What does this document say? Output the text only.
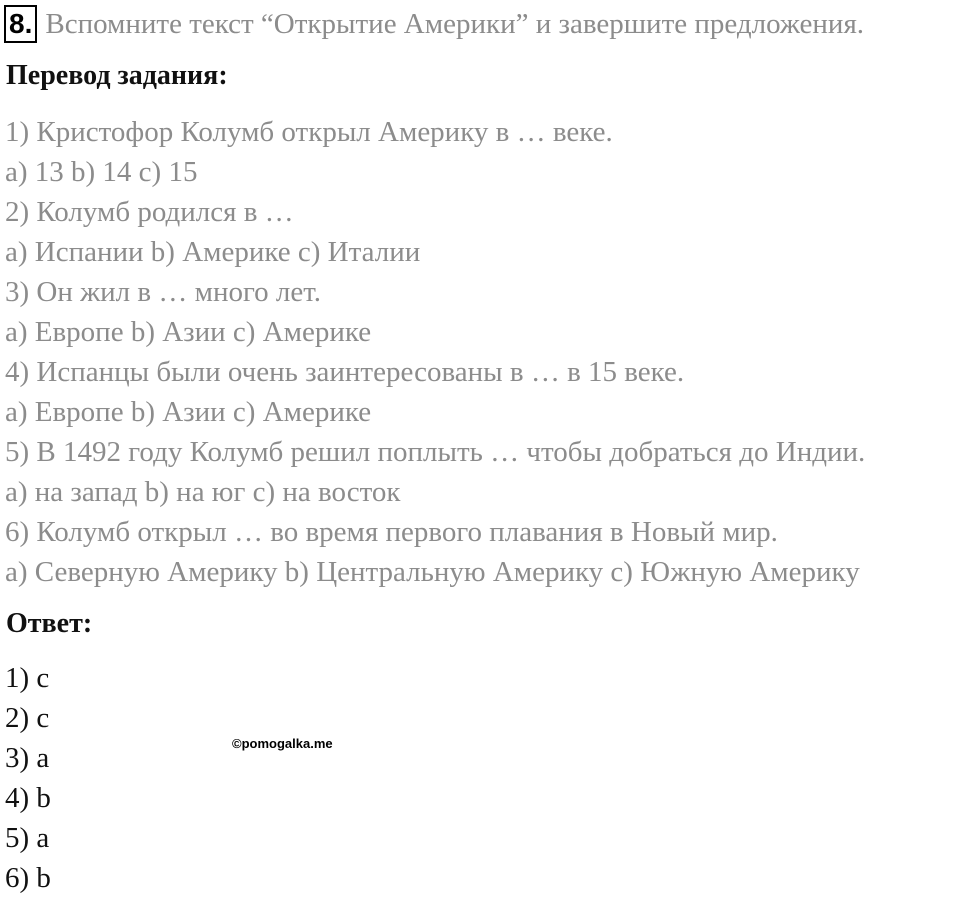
8. Вспомните текст “Открытие Америки” и завершите предложения.
Перевод задания:
1) Кристофор Колумб открыл Америку в … веке.
a) 13 b) 14 c) 15
2) Колумб родился в …
a) Испании b) Америке c) Италии
3) Он жил в … много лет.
a) Европе b) Азии c) Америке
4) Испанцы были очень заинтересованы в … в 15 веке.
a) Европе b) Азии c) Америке
5) В 1492 году Колумб решил поплыть … чтобы добраться до Индии.
a) на запад b) на юг c) на восток
6) Колумб открыл … во время первого плавания в Новый мир.
a) Северную Америку b) Центральную Америку c) Южную Америку
Ответ:
1) c
2) c
3) a
4) b
5) a
6) b
©pomogalka.me
